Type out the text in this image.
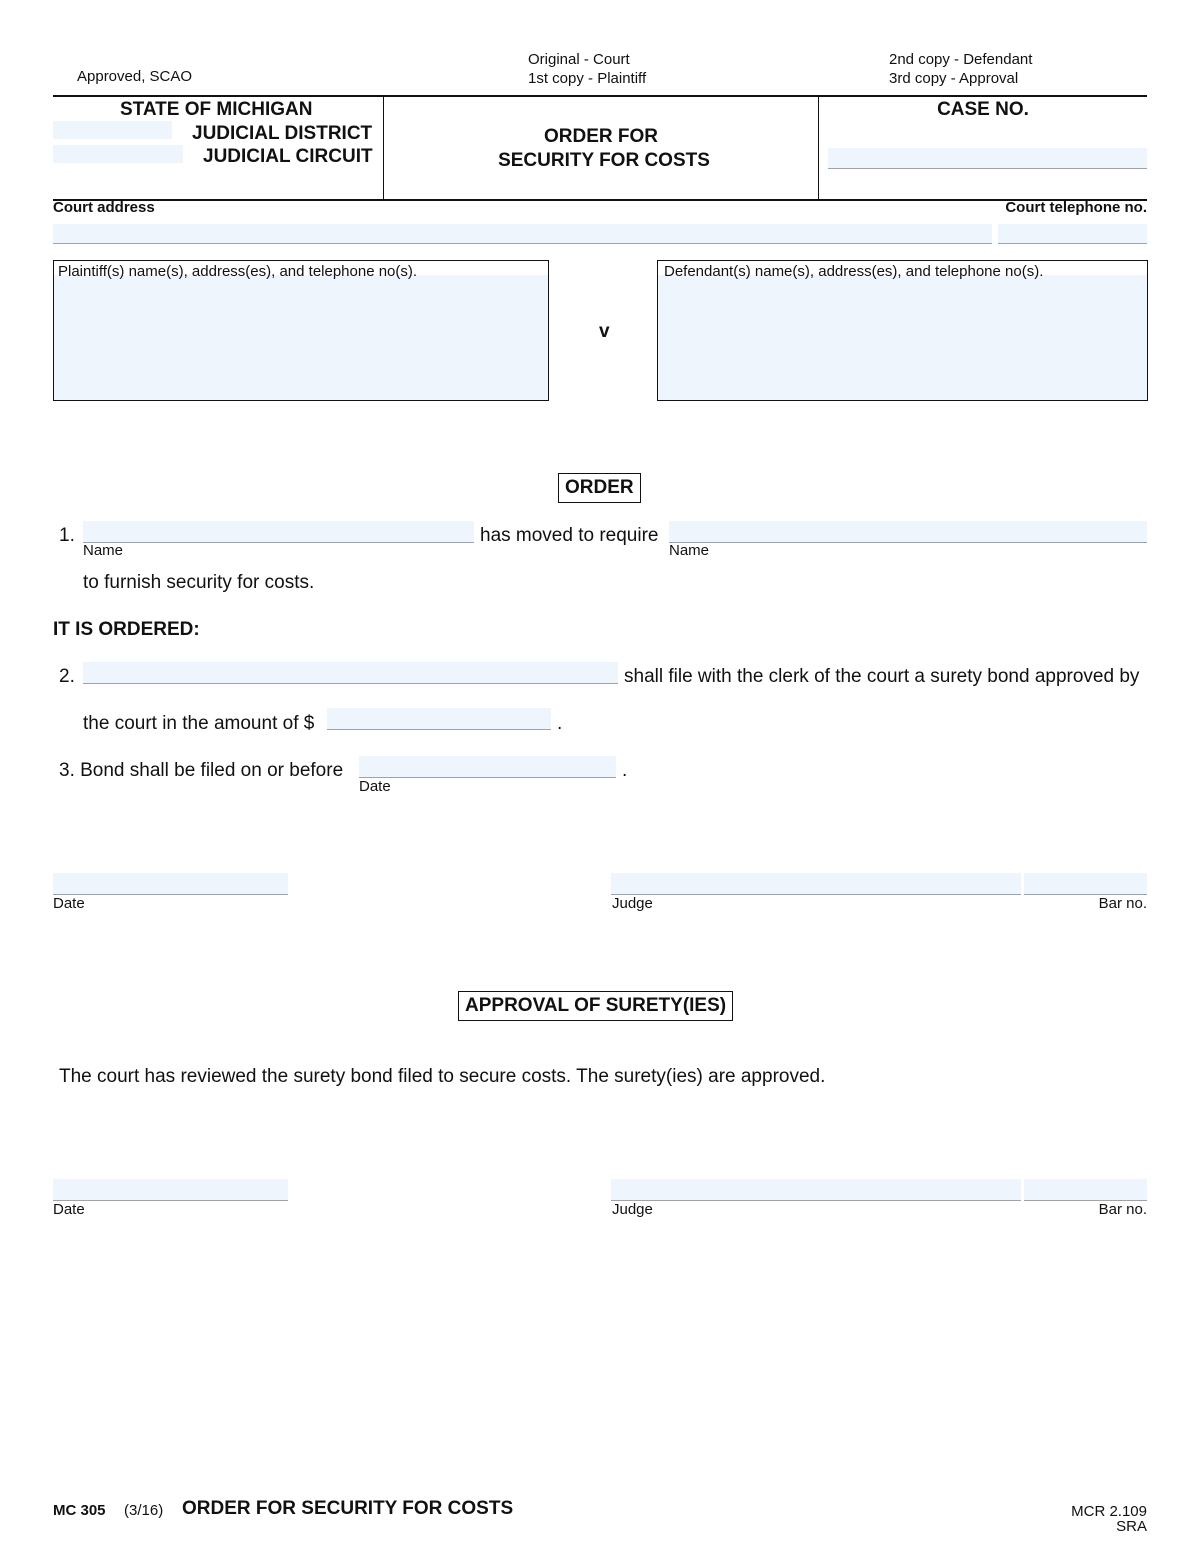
Approved, SCAO
Original - Court
1st copy - Plaintiff
2nd copy - Defendant
3rd copy - Approval
STATE OF MICHIGAN
JUDICIAL DISTRICT
JUDICIAL CIRCUIT
ORDER FOR
SECURITY FOR COSTS
CASE NO.
Court address	Court telephone no.
Plaintiff(s) name(s), address(es), and telephone no(s).
v
Defendant(s) name(s), address(es), and telephone no(s).
ORDER
1.	has moved to require
Name	Name
to furnish security for costs.
IT IS ORDERED:
2.	shall file with the clerk of the court a surety bond approved by
the court in the amount of $	.
3. Bond shall be filed on or before	.
Date
Date	Judge	Bar no.
APPROVAL OF SURETY(IES)
The court has reviewed the surety bond filed to secure costs. The surety(ies) are approved.
Date	Judge	Bar no.
MC 305 (3/16) ORDER FOR SECURITY FOR COSTS	MCR 2.109
SRA
